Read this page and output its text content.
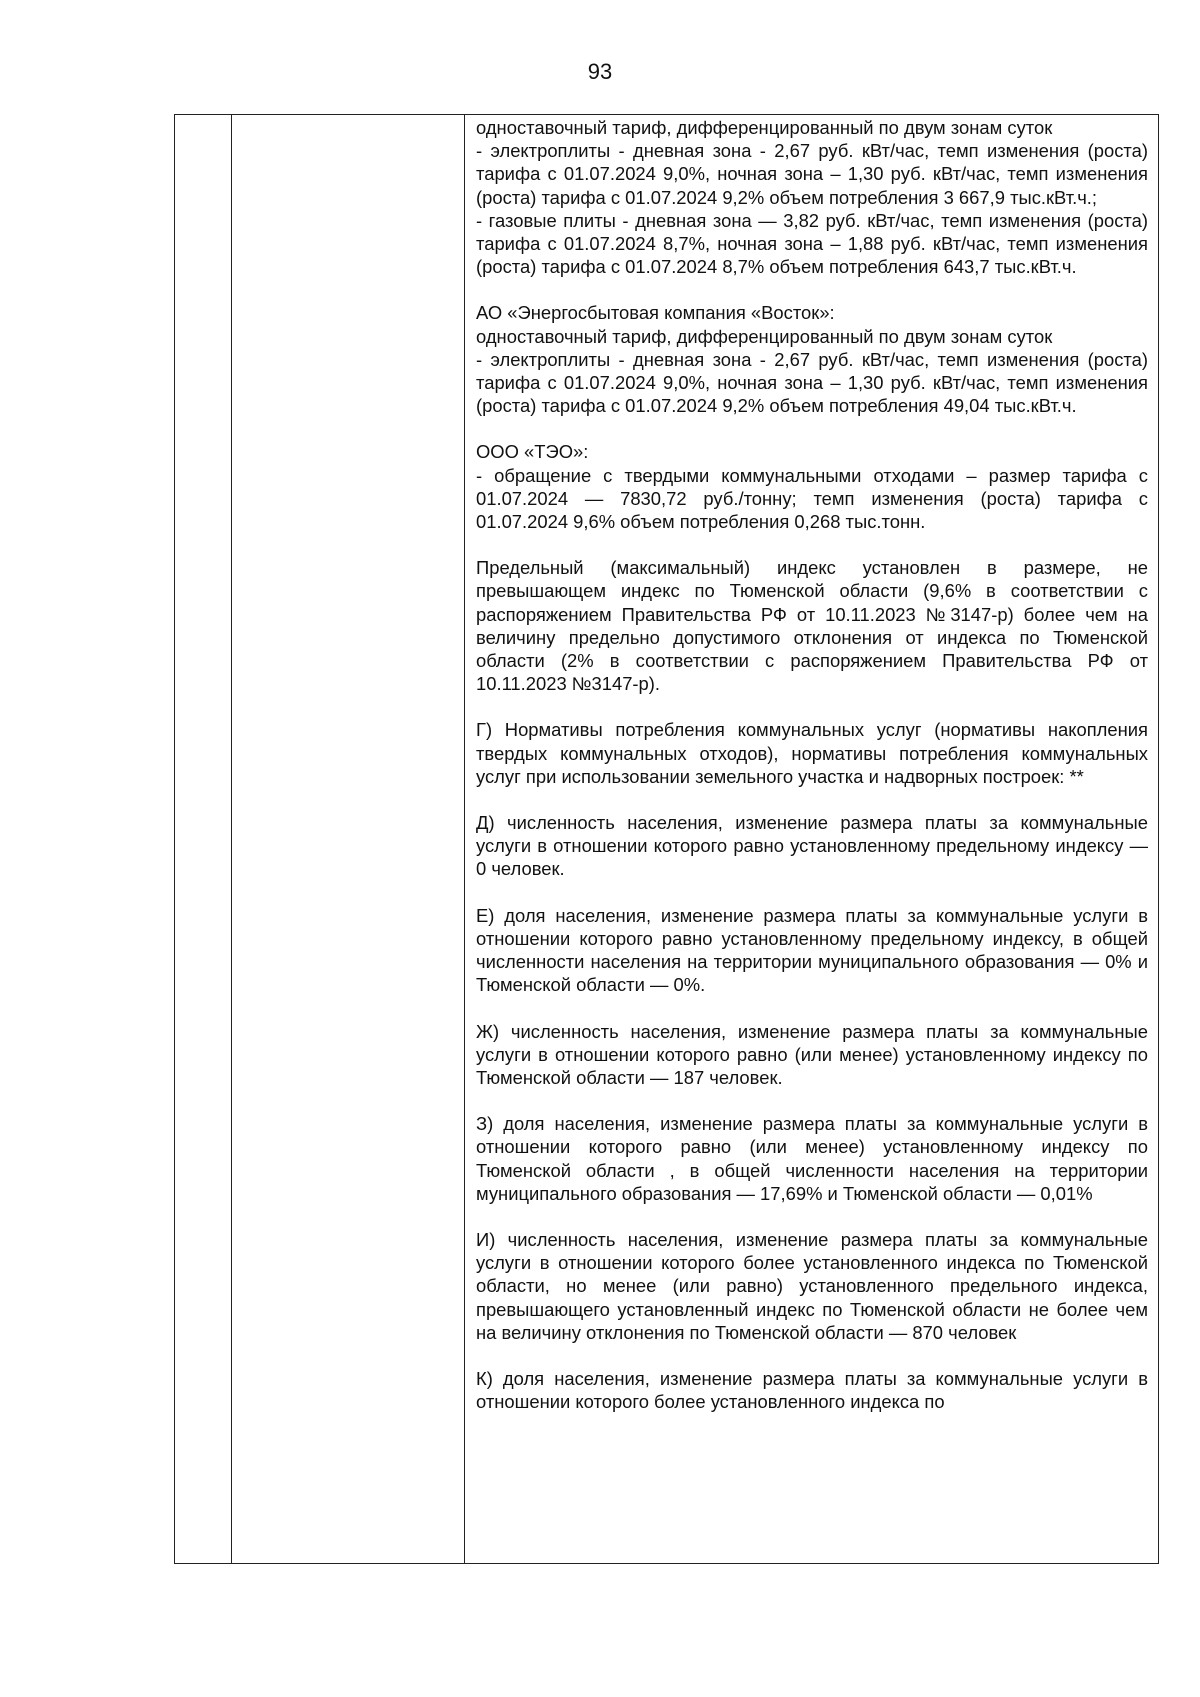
93

одноставочный тариф, дифференцированный по двум зонам суток
- электроплиты - дневная зона - 2,67 руб. кВт/час, темп изменения (роста) тарифа с 01.07.2024 9,0%, ночная зона – 1,30 руб. кВт/час, темп изменения (роста) тарифа с 01.07.2024 9,2% объем потребления 3 667,9 тыс.кВт.ч.;
- газовые плиты - дневная зона — 3,82 руб. кВт/час, темп изменения (роста) тарифа с 01.07.2024 8,7%, ночная зона – 1,88 руб. кВт/час, темп изменения (роста) тарифа с 01.07.2024 8,7% объем потребления 643,7 тыс.кВт.ч.

АО «Энергосбытовая компания «Восток»:
одноставочный тариф, дифференцированный по двум зонам суток
- электроплиты - дневная зона - 2,67 руб. кВт/час, темп изменения (роста) тарифа с 01.07.2024 9,0%, ночная зона – 1,30 руб. кВт/час, темп изменения (роста) тарифа с 01.07.2024 9,2% объем потребления 49,04 тыс.кВт.ч.

ООО «ТЭО»:
- обращение с твердыми коммунальными отходами – размер тарифа с 01.07.2024 — 7830,72 руб./тонну; темп изменения (роста) тарифа с 01.07.2024 9,6% объем потребления 0,268 тыс.тонн.

Предельный (максимальный) индекс установлен в размере, не превышающем индекс по Тюменской области (9,6% в соответствии с распоряжением Правительства РФ от 10.11.2023 №3147-р) более чем на величину предельно допустимого отклонения от индекса по Тюменской области (2% в соответствии с распоряжением Правительства РФ от 10.11.2023 №3147-р).

Г) Нормативы потребления коммунальных услуг (нормативы накопления твердых коммунальных отходов), нормативы потребления коммунальных услуг при использовании земельного участка и надворных построек: **

Д) численность населения, изменение размера платы за коммунальные услуги в отношении которого равно установленному предельному индексу — 0 человек.

Е) доля населения, изменение размера платы за коммунальные услуги в отношении которого равно установленному предельному индексу, в общей численности населения на территории муниципального образования — 0% и Тюменской области — 0%.

Ж) численность населения, изменение размера платы за коммунальные услуги в отношении которого равно (или менее) установленному индексу по Тюменской области — 187 человек.

З) доля населения, изменение размера платы за коммунальные услуги в отношении которого равно (или менее) установленному индексу по Тюменской области , в общей численности населения на территории муниципального образования — 17,69% и Тюменской области — 0,01%

И) численность населения, изменение размера платы за коммунальные услуги в отношении которого более установленного индекса по Тюменской области, но менее (или равно) установленного предельного индекса, превышающего установленный индекс по Тюменской области не более чем на величину отклонения по Тюменской области — 870 человек

К) доля населения, изменение размера платы за коммунальные услуги в отношении которого более установленного индекса по
